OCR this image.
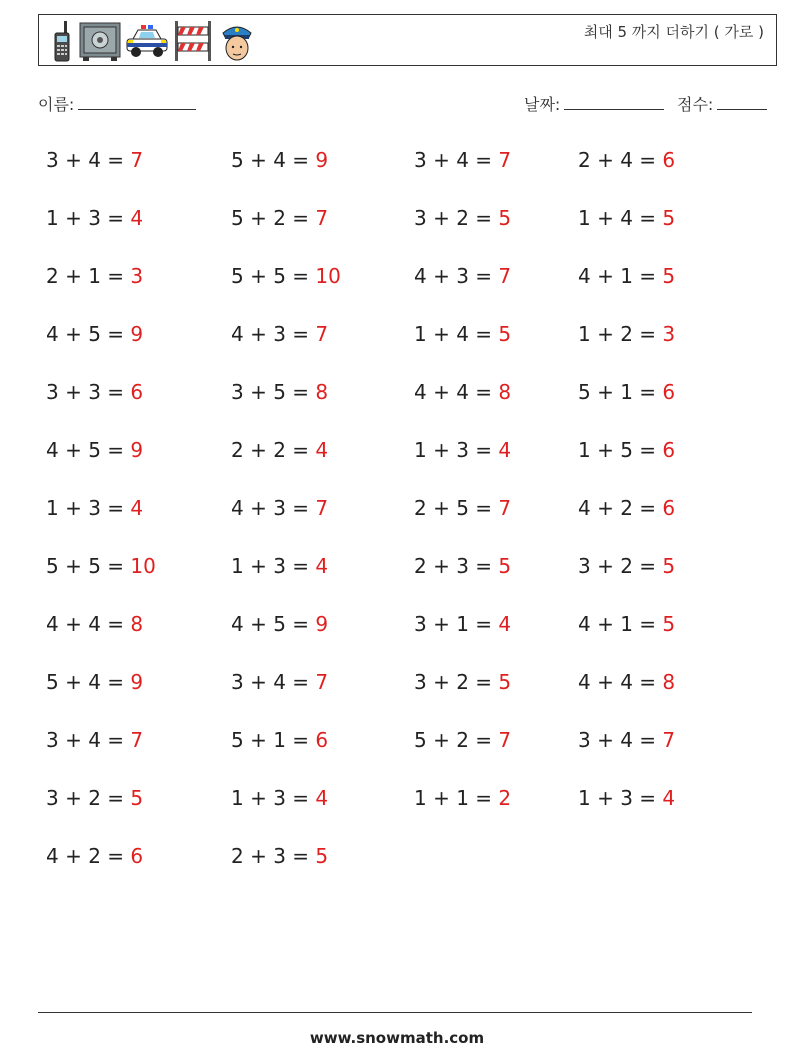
최대 5 까지 더하기 ( 가로 )
이름:	날짜:	점수:
3 + 4 = 7	5 + 4 = 9	3 + 4 = 7	2 + 4 = 6
1 + 3 = 4	5 + 2 = 7	3 + 2 = 5	1 + 4 = 5
2 + 1 = 3	5 + 5 = 10	4 + 3 = 7	4 + 1 = 5
4 + 5 = 9	4 + 3 = 7	1 + 4 = 5	1 + 2 = 3
3 + 3 = 6	3 + 5 = 8	4 + 4 = 8	5 + 1 = 6
4 + 5 = 9	2 + 2 = 4	1 + 3 = 4	1 + 5 = 6
1 + 3 = 4	4 + 3 = 7	2 + 5 = 7	4 + 2 = 6
5 + 5 = 10	1 + 3 = 4	2 + 3 = 5	3 + 2 = 5
4 + 4 = 8	4 + 5 = 9	3 + 1 = 4	4 + 1 = 5
5 + 4 = 9	3 + 4 = 7	3 + 2 = 5	4 + 4 = 8
3 + 4 = 7	5 + 1 = 6	5 + 2 = 7	3 + 4 = 7
3 + 2 = 5	1 + 3 = 4	1 + 1 = 2	1 + 3 = 4
4 + 2 = 6	2 + 3 = 5
www.snowmath.com
